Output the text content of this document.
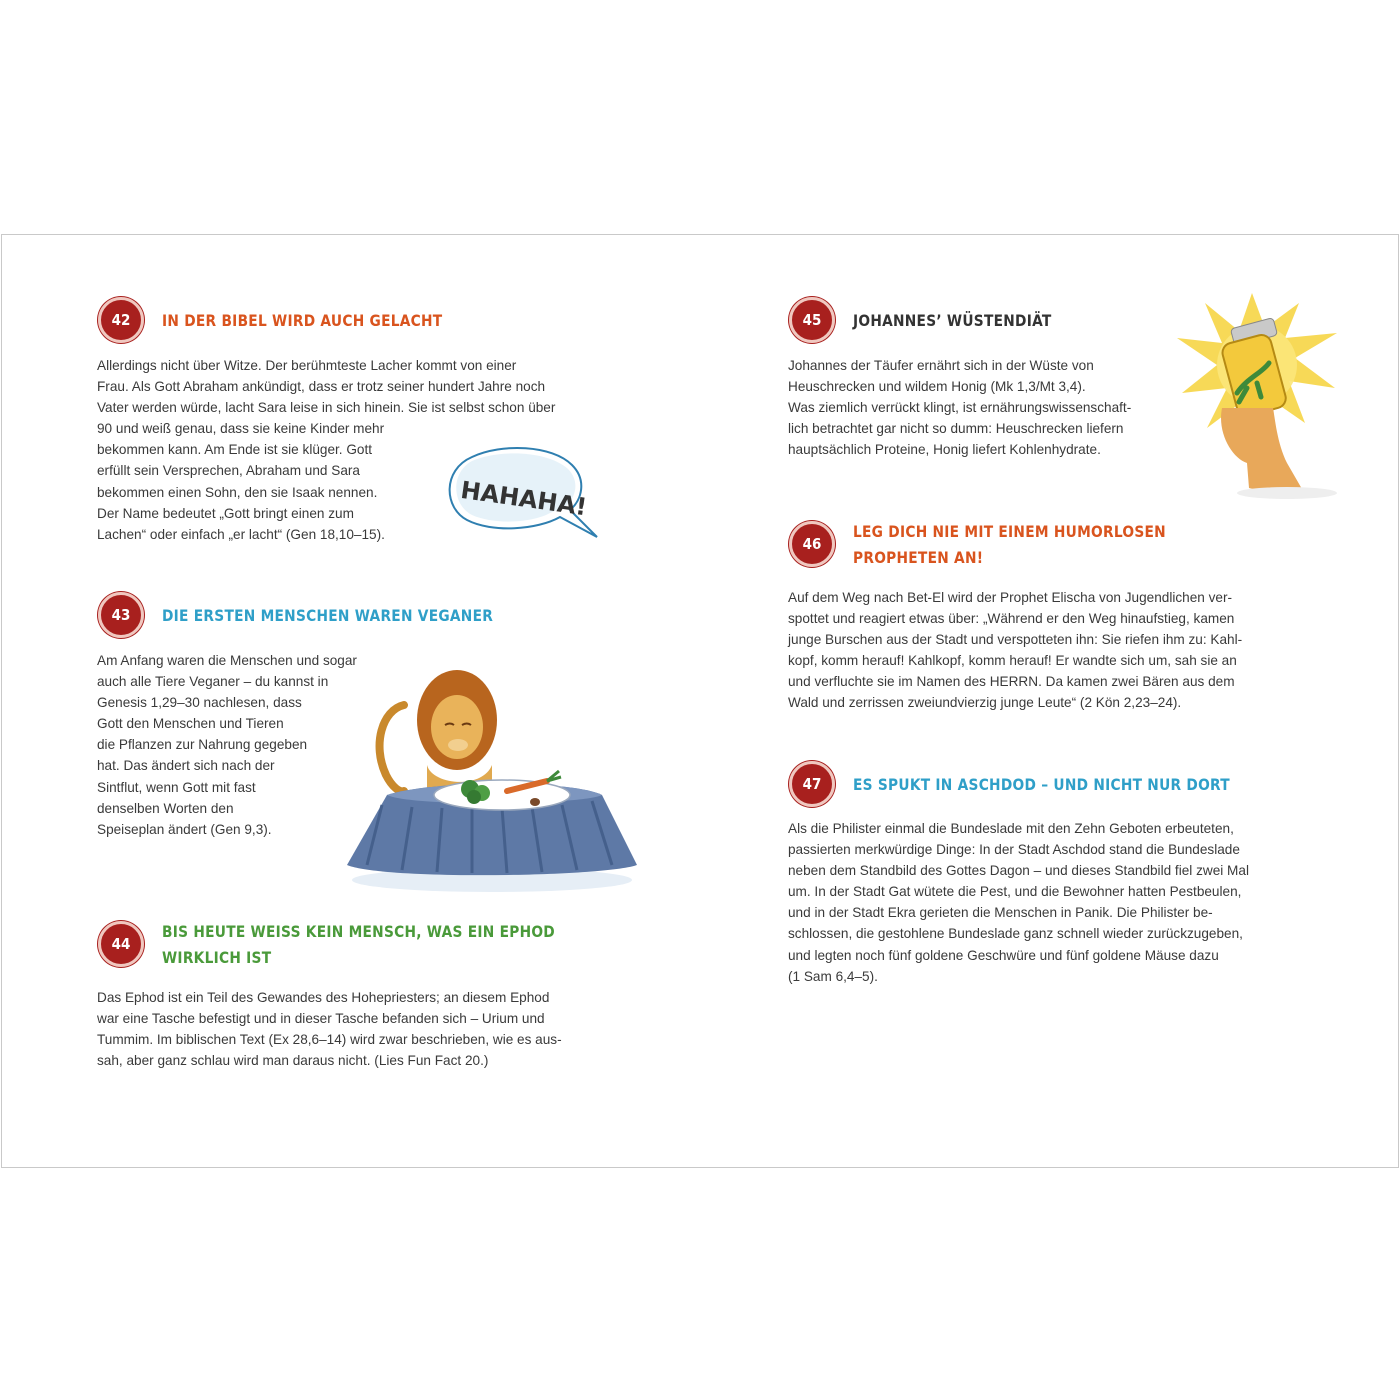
42	IN DER BIBEL WIRD AUCH GELACHT

Allerdings nicht über Witze. Der berühmteste Lacher kommt von einer

Frau. Als Gott Abraham ankündigt, dass er trotz seiner hundert Jahre noch

Vater werden würde, lacht Sara leise in sich hinein. Sie ist selbst schon über

90 und weiß genau, dass sie keine Kinder mehr

bekommen kann. Am Ende ist sie klüger. Gott

erfüllt sein Versprechen, Abraham und Sara

bekommen einen Sohn, den sie Isaak nennen.

Der Name bedeutet „Gott bringt einen zum

Lachen“ oder einfach „er lacht“ (Gen 18,10–15).

HAHAHA!
43	DIE ERSTEN MENSCHEN WAREN VEGANER

Am Anfang waren die Menschen und sogar

auch alle Tiere Veganer – du kannst in

Genesis 1,29–30 nachlesen, dass

Gott den Menschen und Tieren

die Pflanzen zur Nahrung gegeben

hat. Das ändert sich nach der

Sintflut, wenn Gott mit fast

denselben Worten den

Speiseplan ändert (Gen 9,3).

44
BIS HEUTE WEISS KEIN MENSCH, WAS EIN EPHOD
WIRKLICH IST

Das Ephod ist ein Teil des Gewandes des Hohepriesters; an diesem Ephod

war eine Tasche befestigt und in dieser Tasche befanden sich – Urium und

Tummim. Im biblischen Text (Ex 28,6–14) wird zwar beschrieben, wie es aus-

sah, aber ganz schlau wird man daraus nicht. (Lies Fun Fact 20.)

45	JOHANNES’ WÜSTENDIÄT

Johannes der Täufer ernährt sich in der Wüste von

Heuschrecken und wildem Honig (Mk 1,3/Mt 3,4).

Was ziemlich verrückt klingt, ist ernährungswissenschaft-

lich betrachtet gar nicht so dumm: Heuschrecken liefern

hauptsächlich Proteine, Honig liefert Kohlenhydrate.

46
LEG DICH NIE MIT EINEM HUMORLOSEN
PROPHETEN AN!

Auf dem Weg nach Bet-El wird der Prophet Elischa von Jugendlichen ver-

spottet und reagiert etwas über: „Während er den Weg hinaufstieg, kamen

junge Burschen aus der Stadt und verspotteten ihn: Sie riefen ihm zu: Kahl-

kopf, komm herauf! Kahlkopf, komm herauf! Er wandte sich um, sah sie an

und verfluchte sie im Namen des HERRN. Da kamen zwei Bären aus dem

Wald und zerrissen zweiundvierzig junge Leute“ (2 Kön 2,23–24).

47	ES SPUKT IN ASCHDOD – UND NICHT NUR DORT

Als die Philister einmal die Bundeslade mit den Zehn Geboten erbeuteten,

passierten merkwürdige Dinge: In der Stadt Aschdod stand die Bundeslade

neben dem Standbild des Gottes Dagon – und dieses Standbild fiel zwei Mal

um. In der Stadt Gat wütete die Pest, und die Bewohner hatten Pestbeulen,

und in der Stadt Ekra gerieten die Menschen in Panik. Die Philister be-

schlossen, die gestohlene Bundeslade ganz schnell wieder zurückzugeben,

und legten noch fünf goldene Geschwüre und fünf goldene Mäuse dazu

(1 Sam 6,4–5).
